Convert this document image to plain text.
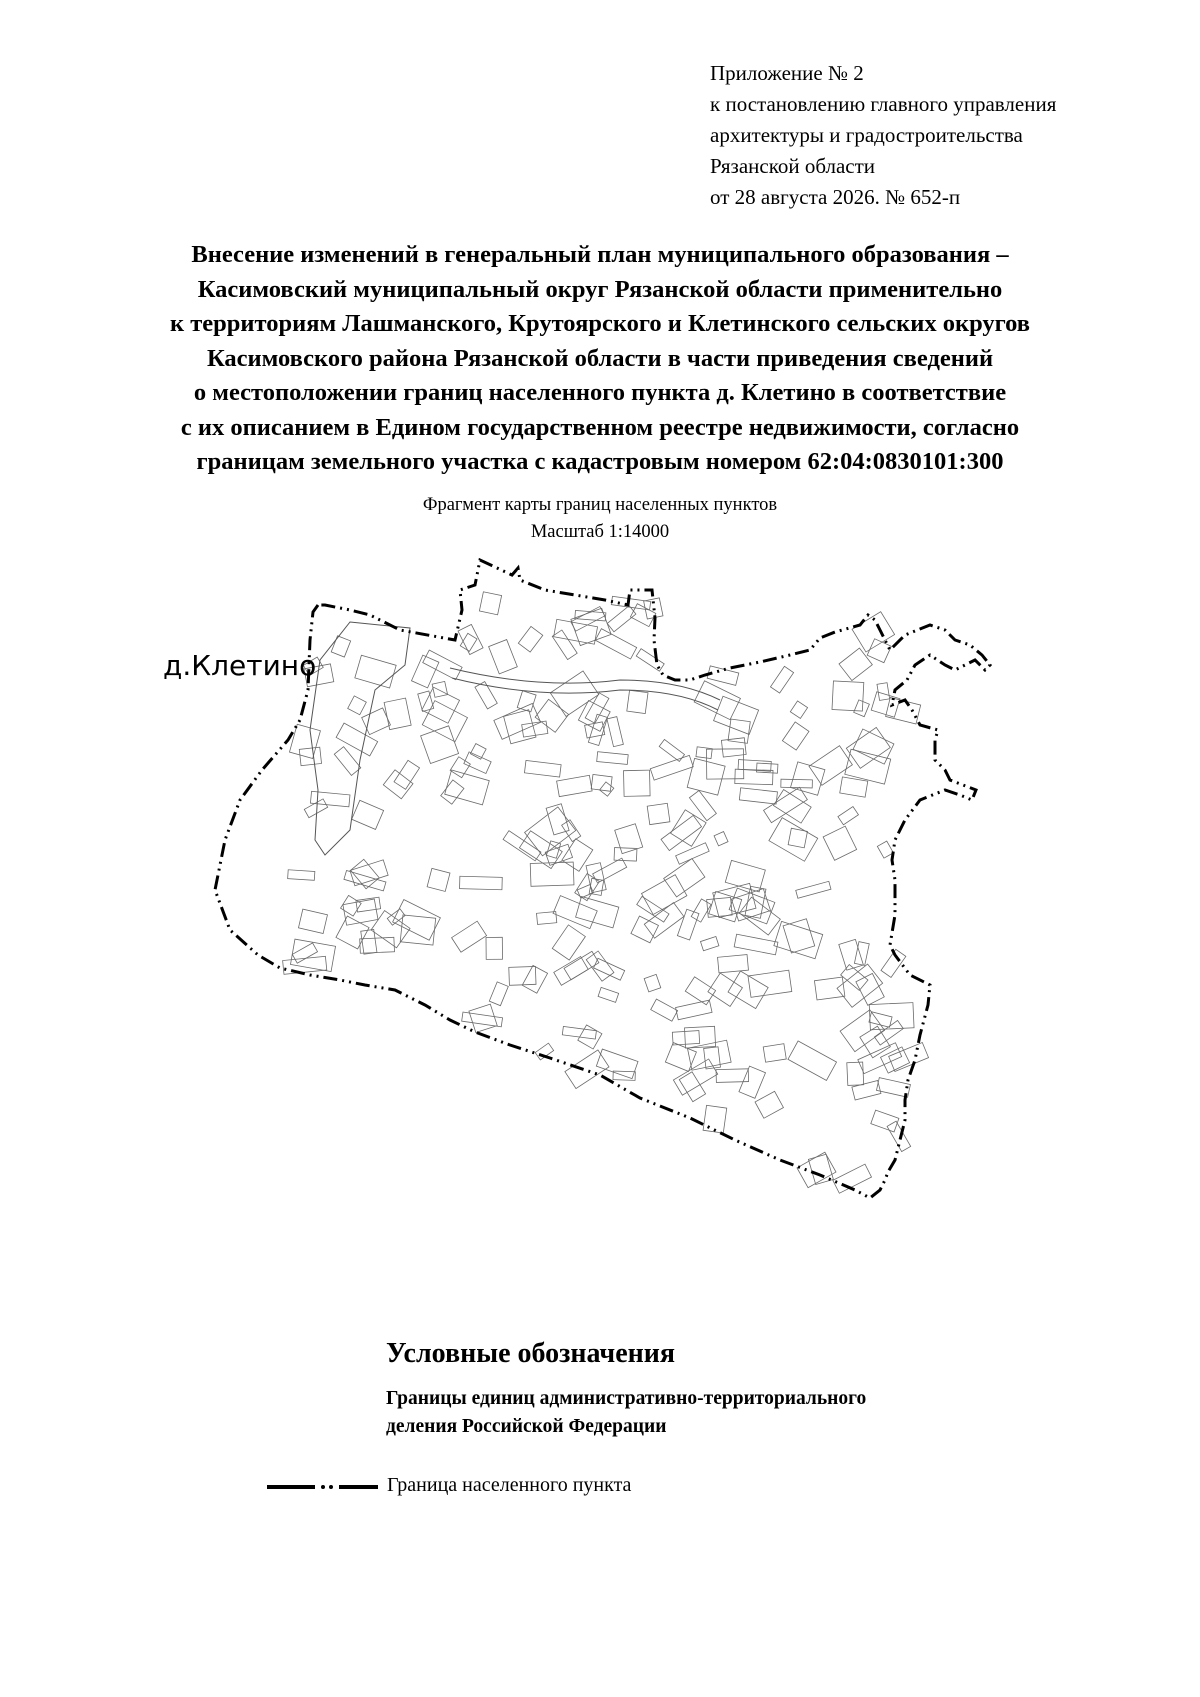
Приложение № 2
к постановлению главного управления
архитектуры и градостроительства
Рязанской области
от 28 августа 2026. № 652-п
Внесение изменений в генеральный план муниципального образования –
Касимовский муниципальный округ Рязанской области применительно
к территориям Лашманского, Крутоярского и Клетинского сельских округов
Касимовского района Рязанской области в части приведения сведений
о местоположении границ населенного пункта д. Клетино в соответствие
с их описанием в Едином государственном реестре недвижимости, согласно
границам земельного участка с кадастровым номером 62:04:0830101:300
Фрагмент карты границ населенных пунктов
Масштаб 1:14000
д.Клетино
Условные обозначения
Границы единиц административно-территориального
деления Российской Федерации
Граница населенного пункта
